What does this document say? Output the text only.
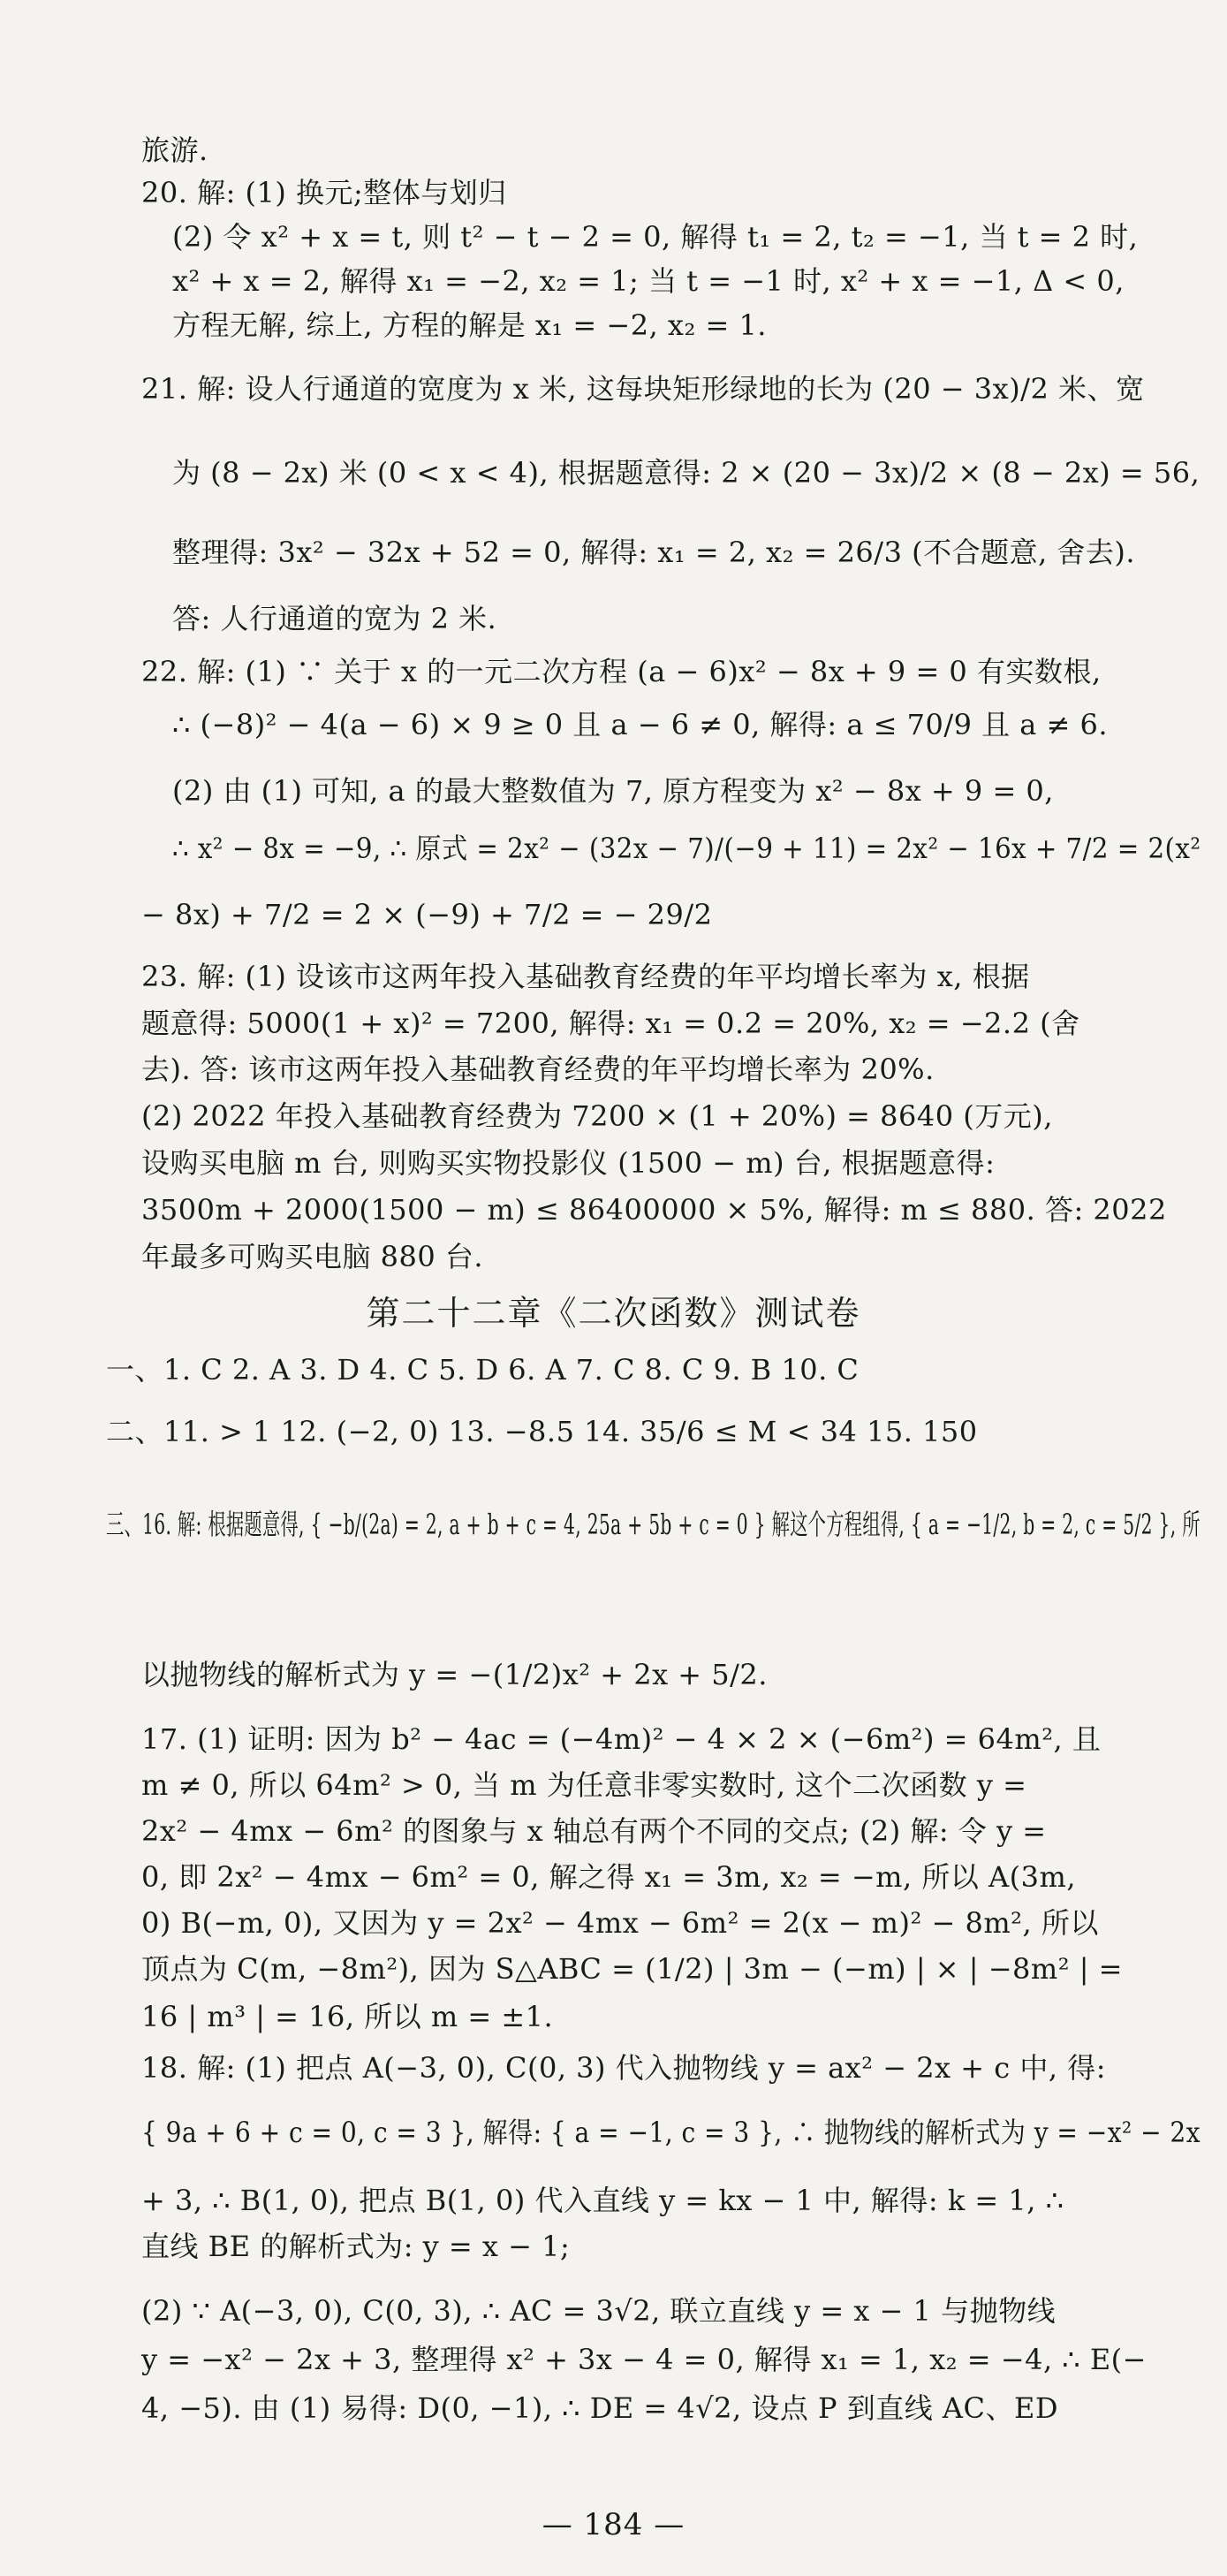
旅游.
20. 解: (1) 换元;整体与划归
(2) 令 x² + x = t, 则 t² − t − 2 = 0, 解得 t₁ = 2, t₂ = −1, 当 t = 2 时,
x² + x = 2, 解得 x₁ = −2, x₂ = 1; 当 t = −1 时, x² + x = −1, Δ < 0,
方程无解, 综上, 方程的解是 x₁ = −2, x₂ = 1.
21. 解: 设人行通道的宽度为 x 米, 这每块矩形绿地的长为 (20 − 3x)/2 米、宽
为 (8 − 2x) 米 (0 < x < 4), 根据题意得: 2 × (20 − 3x)/2 × (8 − 2x) = 56,
整理得: 3x² − 32x + 52 = 0, 解得: x₁ = 2, x₂ = 26/3 (不合题意, 舍去).
答: 人行通道的宽为 2 米.
22. 解: (1) ∵ 关于 x 的一元二次方程 (a − 6)x² − 8x + 9 = 0 有实数根,
∴ (−8)² − 4(a − 6) × 9 ≥ 0 且 a − 6 ≠ 0, 解得: a ≤ 70/9 且 a ≠ 6.
(2) 由 (1) 可知, a 的最大整数值为 7, 原方程变为 x² − 8x + 9 = 0,
∴ x² − 8x = −9, ∴ 原式 = 2x² − (32x − 7)/(−9 + 11) = 2x² − 16x + 7/2 = 2(x²
− 8x) + 7/2 = 2 × (−9) + 7/2 = − 29/2
23. 解: (1) 设该市这两年投入基础教育经费的年平均增长率为 x, 根据
题意得: 5000(1 + x)² = 7200, 解得: x₁ = 0.2 = 20%, x₂ = −2.2 (舍
去). 答: 该市这两年投入基础教育经费的年平均增长率为 20%.
(2) 2022 年投入基础教育经费为 7200 × (1 + 20%) = 8640 (万元),
设购买电脑 m 台, 则购买实物投影仪 (1500 − m) 台, 根据题意得:
3500m + 2000(1500 − m) ≤ 86400000 × 5%, 解得: m ≤ 880. 答: 2022
年最多可购买电脑 880 台.
第二十二章《二次函数》测试卷
一、1. C 2. A 3. D 4. C 5. D 6. A 7. C 8. C 9. B 10. C
二、11. > 1 12. (−2, 0) 13. −8.5 14. 35/6 ≤ M < 34 15. 150
三、16. 解: 根据题意得, { −b/(2a) = 2, a + b + c = 4, 25a + 5b + c = 0 } 解这个方程组得, { a = −1/2, b = 2, c = 5/2 }, 所
以抛物线的解析式为 y = −(1/2)x² + 2x + 5/2.
17. (1) 证明: 因为 b² − 4ac = (−4m)² − 4 × 2 × (−6m²) = 64m², 且
m ≠ 0, 所以 64m² > 0, 当 m 为任意非零实数时, 这个二次函数 y =
2x² − 4mx − 6m² 的图象与 x 轴总有两个不同的交点; (2) 解: 令 y =
0, 即 2x² − 4mx − 6m² = 0, 解之得 x₁ = 3m, x₂ = −m, 所以 A(3m,
0) B(−m, 0), 又因为 y = 2x² − 4mx − 6m² = 2(x − m)² − 8m², 所以
顶点为 C(m, −8m²), 因为 S△ABC = (1/2) | 3m − (−m) | × | −8m² | =
16 | m³ | = 16, 所以 m = ±1.
18. 解: (1) 把点 A(−3, 0), C(0, 3) 代入抛物线 y = ax² − 2x + c 中, 得:
{ 9a + 6 + c = 0, c = 3 }, 解得: { a = −1, c = 3 }, ∴ 抛物线的解析式为 y = −x² − 2x
+ 3, ∴ B(1, 0), 把点 B(1, 0) 代入直线 y = kx − 1 中, 解得: k = 1, ∴
直线 BE 的解析式为: y = x − 1;
(2) ∵ A(−3, 0), C(0, 3), ∴ AC = 3√2, 联立直线 y = x − 1 与抛物线
y = −x² − 2x + 3, 整理得 x² + 3x − 4 = 0, 解得 x₁ = 1, x₂ = −4, ∴ E(−
4, −5). 由 (1) 易得: D(0, −1), ∴ DE = 4√2, 设点 P 到直线 AC、ED
— 184 —
